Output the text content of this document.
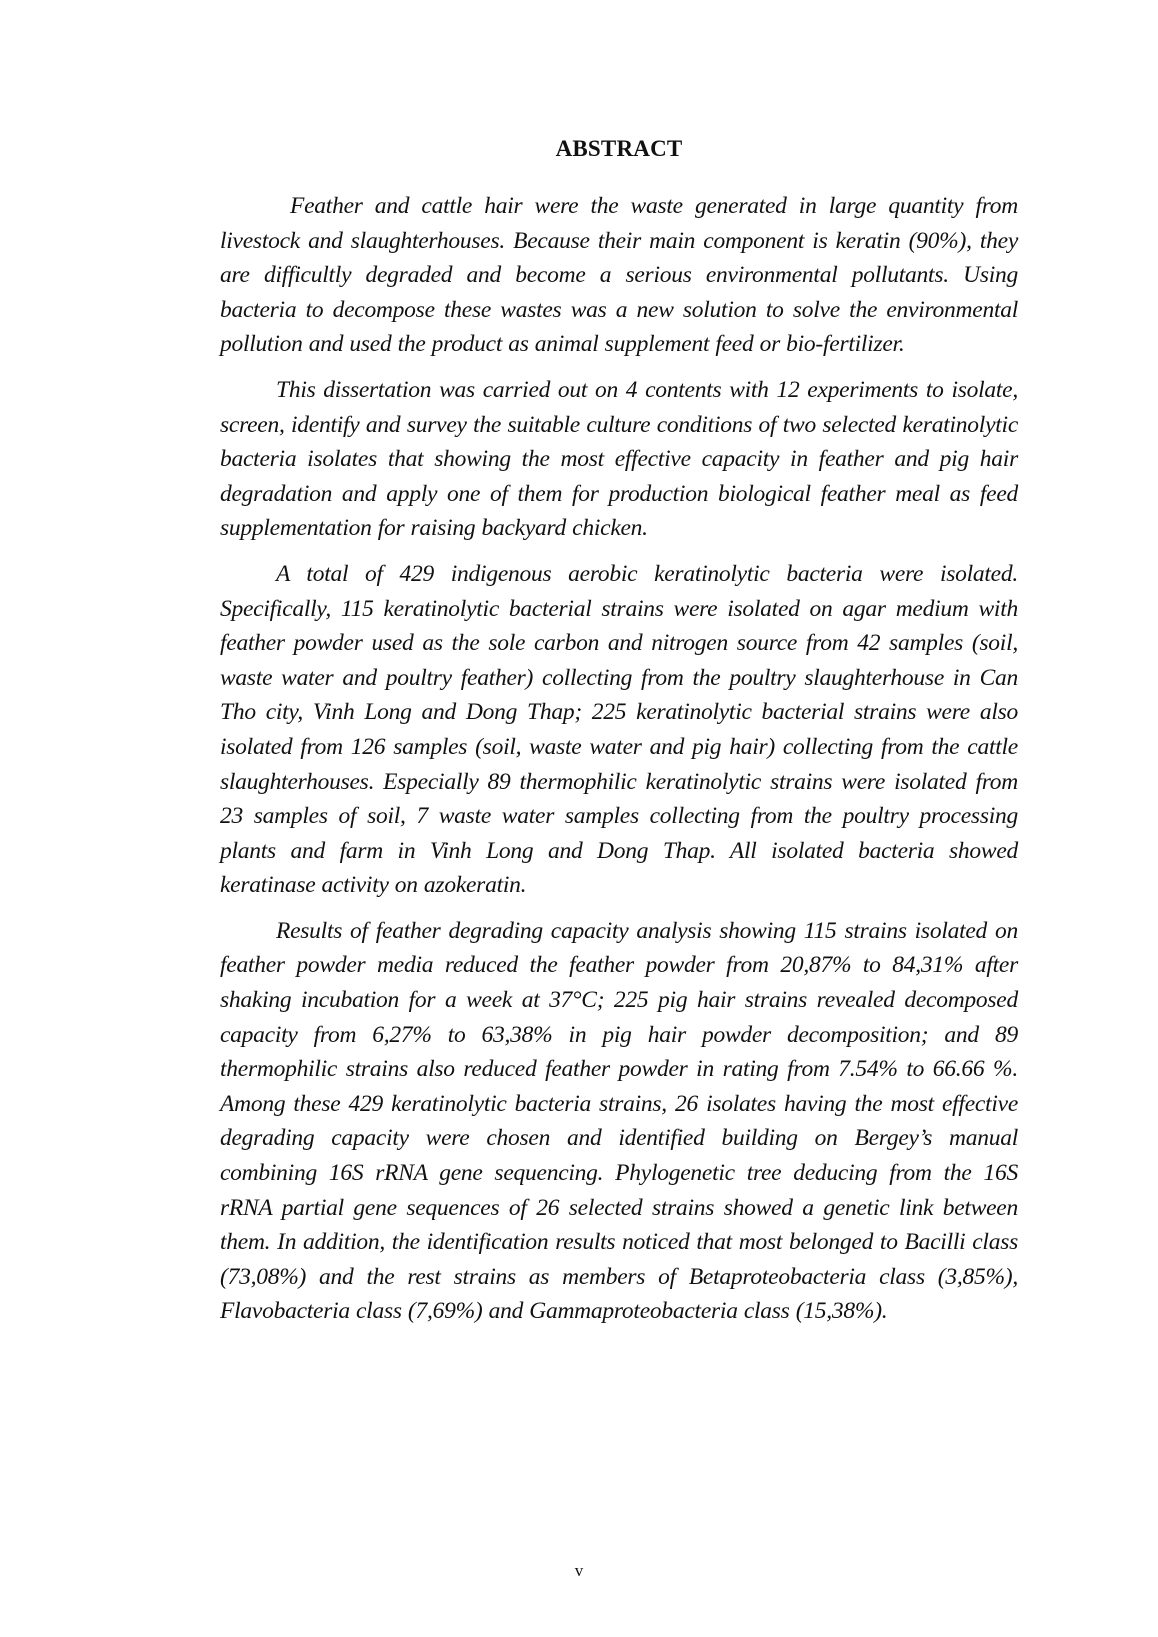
ABSTRACT

Feather and cattle hair were the waste generated in large quantity from livestock and slaughterhouses. Because their main component is keratin (90%), they are difficultly degraded and become a serious environmental pollutants. Using bacteria to decompose these wastes was a new solution to solve the environmental pollution and used the product as animal supplement feed or bio-fertilizer.

This dissertation was carried out on 4 contents with 12 experiments to isolate, screen, identify and survey the suitable culture conditions of two selected keratinolytic bacteria isolates that showing the most effective capacity in feather and pig hair degradation and apply one of them for production biological feather meal as feed supplementation for raising backyard chicken.

A total of 429 indigenous aerobic keratinolytic bacteria were isolated. Specifically, 115 keratinolytic bacterial strains were isolated on agar medium with feather powder used as the sole carbon and nitrogen source from 42 samples (soil, waste water and poultry feather) collecting from the poultry slaughterhouse in Can Tho city, Vinh Long and Dong Thap; 225 keratinolytic bacterial strains were also isolated from 126 samples (soil, waste water and pig hair) collecting from the cattle slaughterhouses. Especially 89 thermophilic keratinolytic strains were isolated from 23 samples of soil, 7 waste water samples collecting from the poultry processing plants and farm in Vinh Long and Dong Thap. All isolated bacteria showed keratinase activity on azokeratin.

Results of feather degrading capacity analysis showing 115 strains isolated on feather powder media reduced the feather powder from 20,87% to 84,31% after shaking incubation for a week at 37°C; 225 pig hair strains revealed decomposed capacity from 6,27% to 63,38% in pig hair powder decomposition; and 89 thermophilic strains also reduced feather powder in rating from 7.54% to 66.66 %. Among these 429 keratinolytic bacteria strains, 26 isolates having the most effective degrading capacity were chosen and identified building on Bergey’s manual combining 16S rRNA gene sequencing. Phylogenetic tree deducing from the 16S rRNA partial gene sequences of 26 selected strains showed a genetic link between them. In addition, the identification results noticed that most belonged to Bacilli class (73,08%) and the rest strains as members of Betaproteobacteria class (3,85%), Flavobacteria class (7,69%) and Gammaproteobacteria class (15,38%).

v
